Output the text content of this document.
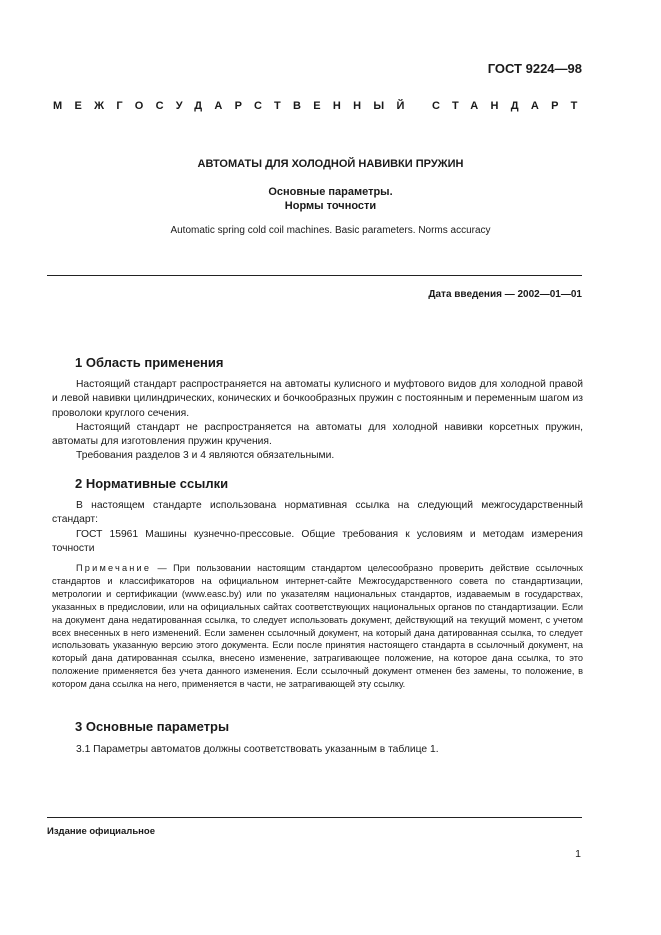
ГОСТ 9224—98
МЕЖГОСУДАРСТВЕННЫЙ СТАНДАРТ
АВТОМАТЫ ДЛЯ ХОЛОДНОЙ НАВИВКИ ПРУЖИН
Основные параметры.
Нормы точности
Automatic spring cold coil machines. Basic parameters. Norms accuracy
Дата введения — 2002—01—01
1 Область применения

Настоящий стандарт распространяется на автоматы кулисного и муфтового видов для холодной правой и левой навивки цилиндрических, конических и бочкообразных пружин с постоянным и переменным шагом из проволоки круглого сечения.

Настоящий стандарт не распространяется на автоматы для холодной навивки корсетных пружин, автоматы для изготовления пружин кручения.

Требования разделов 3 и 4 являются обязательными.

2 Нормативные ссылки

В настоящем стандарте использована нормативная ссылка на следующий межгосударственный стандарт:

ГОСТ 15961 Машины кузнечно-прессовые. Общие требования к условиям и методам измерения точности

Примечание — При пользовании настоящим стандартом целесообразно проверить действие ссылочных стандартов и классификаторов на официальном интернет-сайте Межгосударственного совета по стандартизации, метрологии и сертификации (www.easc.by) или по указателям национальных стандартов, издаваемым в государствах, указанных в предисловии, или на официальных сайтах соответствующих национальных органов по стандартизации. Если на документ дана недатированная ссылка, то следует использовать документ, действующий на текущий момент, с учетом всех внесенных в него изменений. Если заменен ссылочный документ, на который дана датированная ссылка, то следует использовать указанную версию этого документа. Если после принятия настоящего стандарта в ссылочный документ, на который дана датированная ссылка, внесено изменение, затрагивающее положение, на которое дана ссылка, то это положение применяется без учета данного изменения. Если ссылочный документ отменен без замены, то положение, в котором дана ссылка на него, применяется в части, не затрагивающей эту ссылку.

3 Основные параметры

3.1 Параметры автоматов должны соответствовать указанным в таблице 1.

Издание официальное
1
